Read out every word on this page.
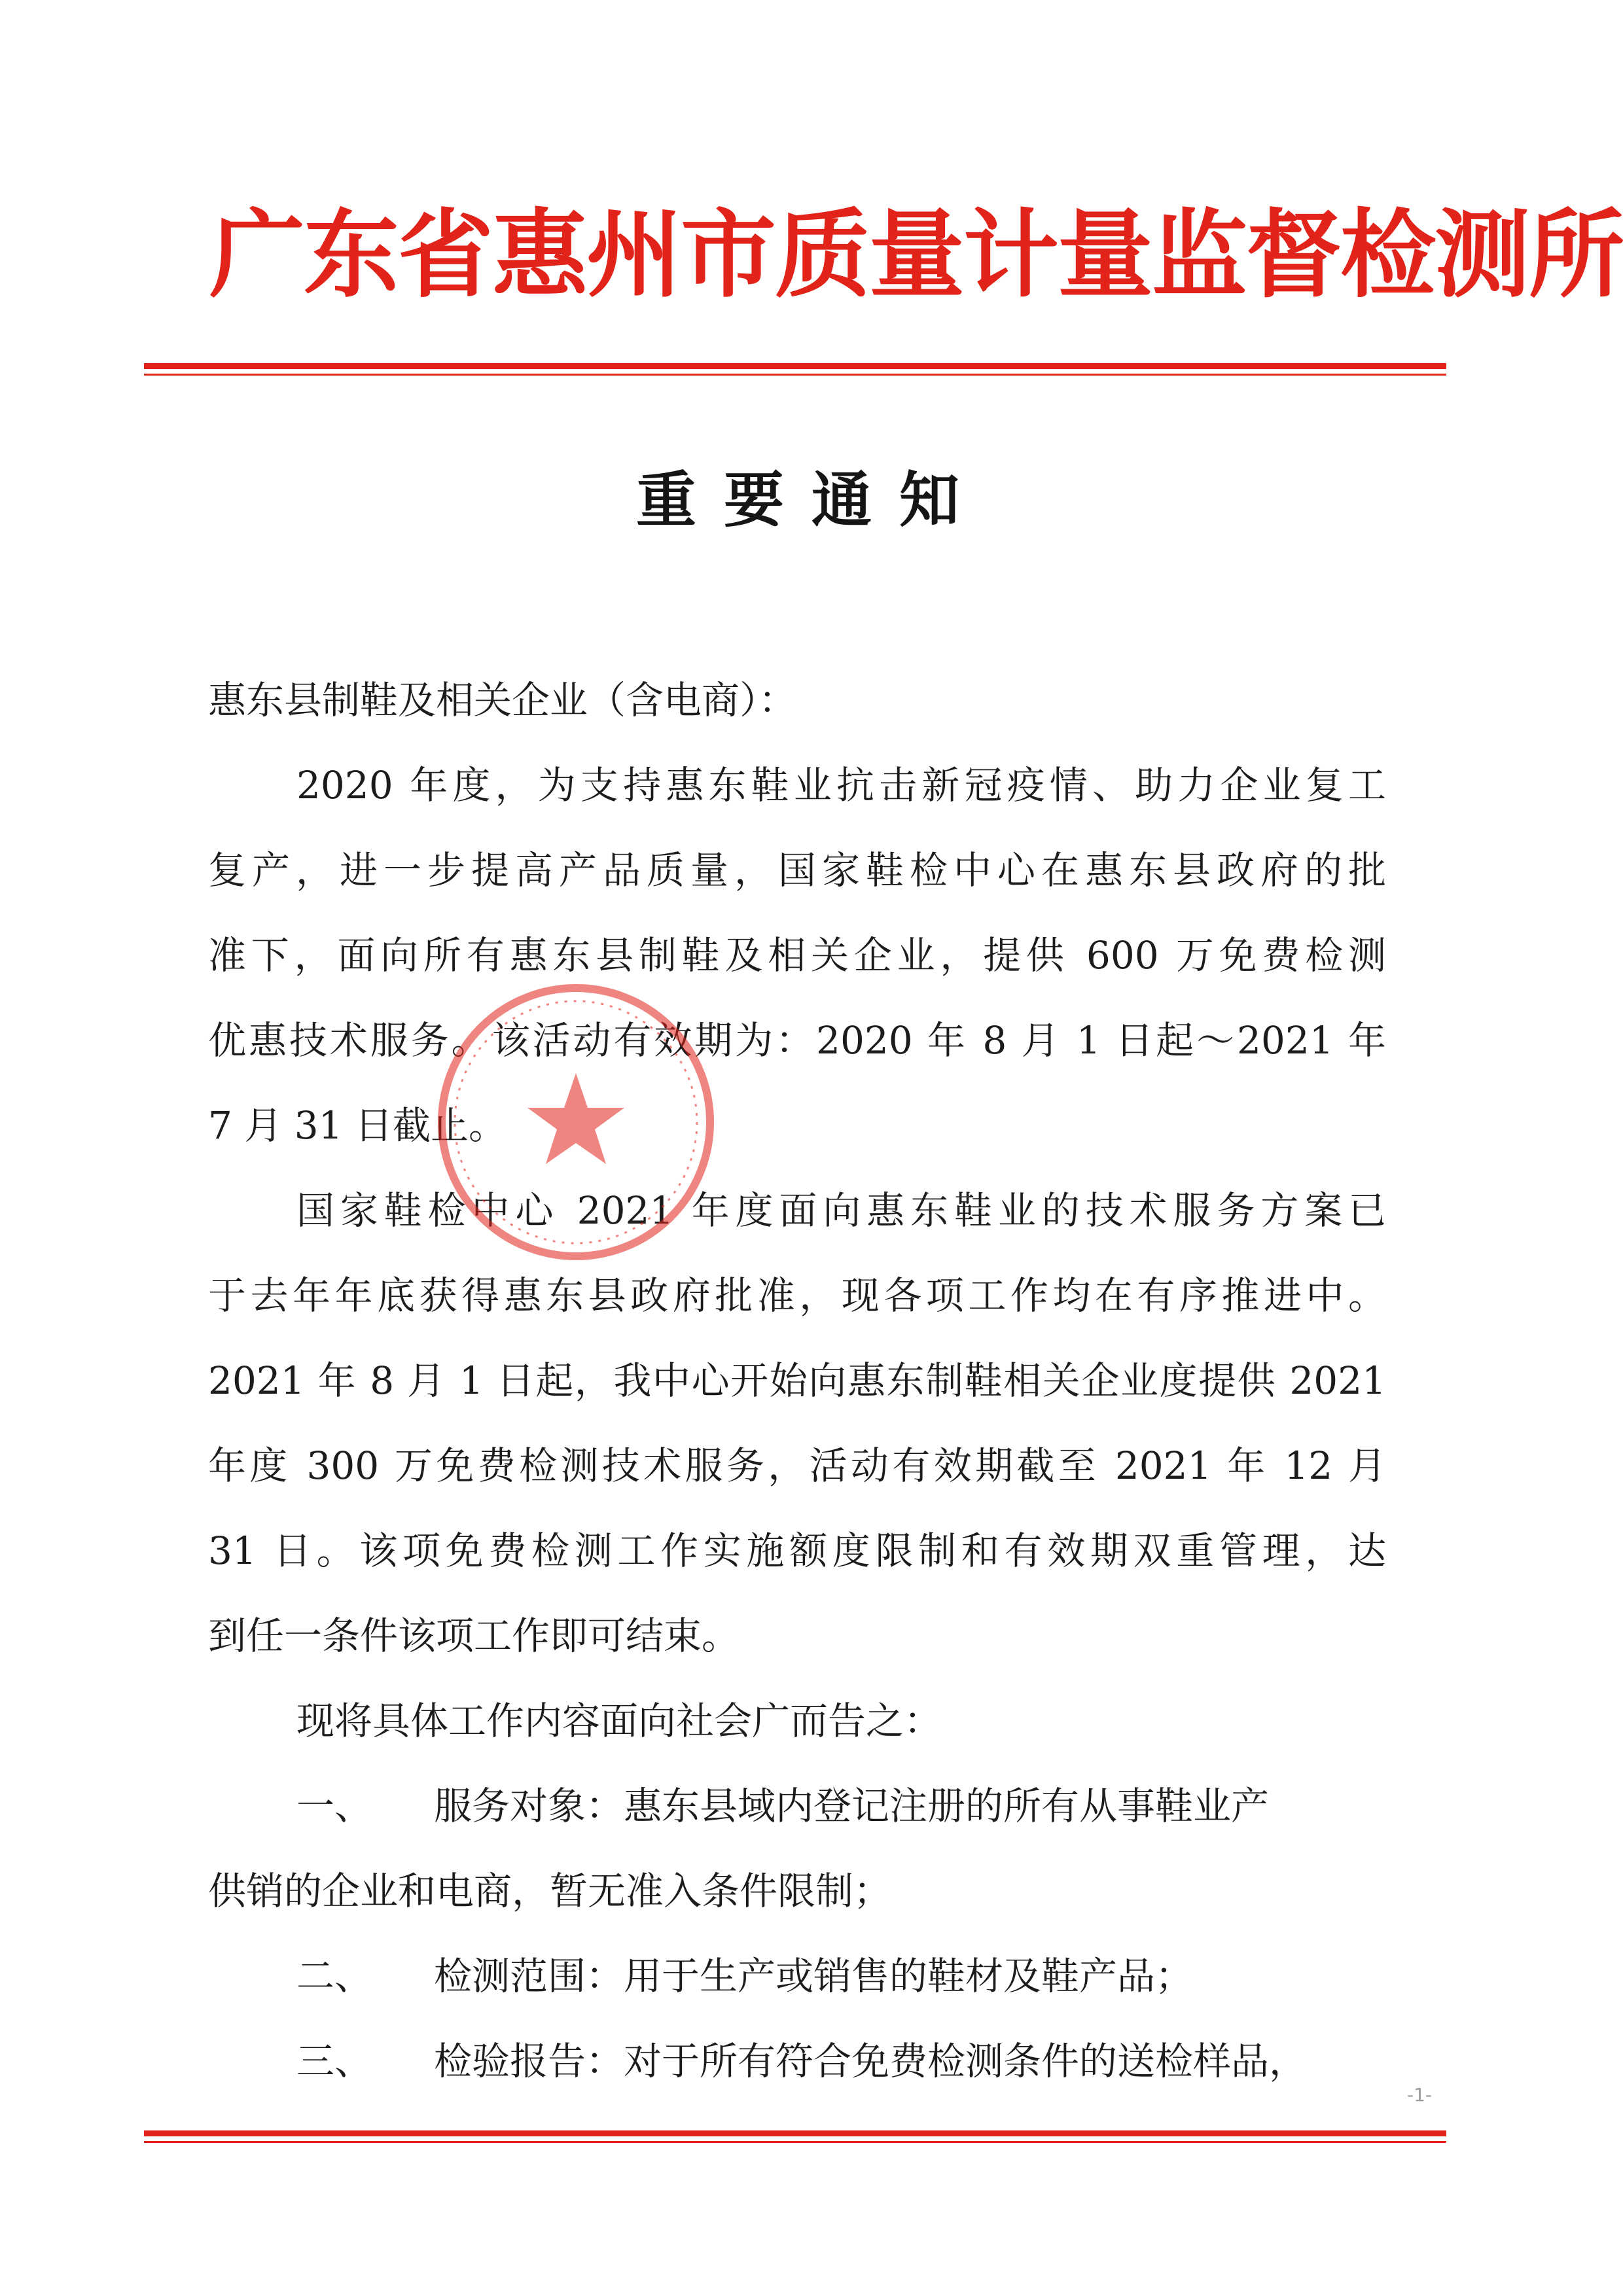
广东省惠州市质量计量监督检测所
重要通知
惠东县制鞋及相关企业（含电商）：
2020 年度，为支持惠东鞋业抗击新冠疫情、助力企业复工
复产，进一步提高产品质量，国家鞋检中心在惠东县政府的批
准下，面向所有惠东县制鞋及相关企业，提供 600 万免费检测
优惠技术服务。该活动有效期为：2020 年 8 月 1 日起～2021 年
7 月 31 日截止。
国家鞋检中心 2021 年度面向惠东鞋业的技术服务方案已
于去年年底获得惠东县政府批准，现各项工作均在有序推进中。
2021 年 8 月 1 日起，我中心开始向惠东制鞋相关企业度提供 2021
年度 300 万免费检测技术服务，活动有效期截至 2021 年 12 月
31 日。该项免费检测工作实施额度限制和有效期双重管理，达
到任一条件该项工作即可结束。
现将具体工作内容面向社会广而告之：
一、 服务对象：惠东县域内登记注册的所有从事鞋业产
供销的企业和电商，暂无准入条件限制；
二、 检测范围：用于生产或销售的鞋材及鞋产品；
三、 检验报告：对于所有符合免费检测条件的送检样品，
-1-
